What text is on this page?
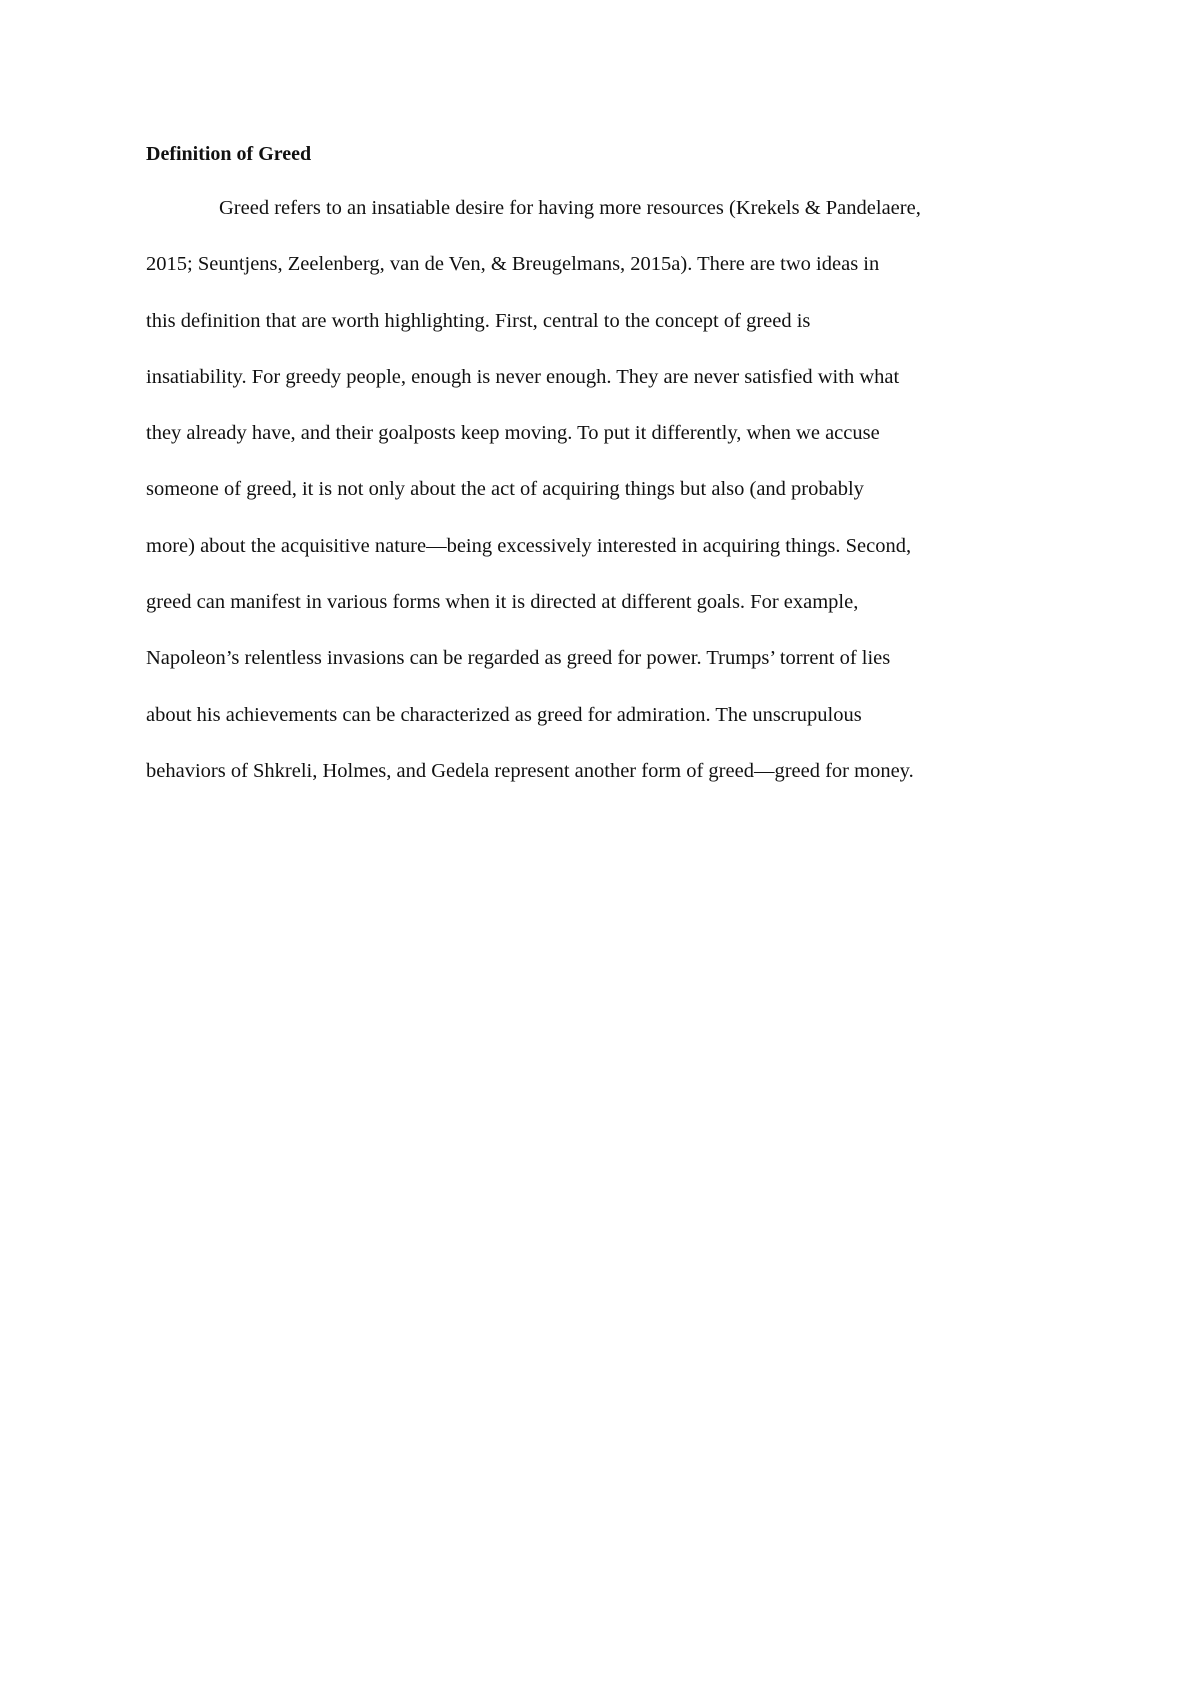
Definition of Greed
Greed refers to an insatiable desire for having more resources (Krekels & Pandelaere,
2015; Seuntjens, Zeelenberg, van de Ven, & Breugelmans, 2015a). There are two ideas in
this definition that are worth highlighting. First, central to the concept of greed is
insatiability. For greedy people, enough is never enough. They are never satisfied with what
they already have, and their goalposts keep moving. To put it differently, when we accuse
someone of greed, it is not only about the act of acquiring things but also (and probably
more) about the acquisitive nature—being excessively interested in acquiring things. Second,
greed can manifest in various forms when it is directed at different goals. For example,
Napoleon’s relentless invasions can be regarded as greed for power. Trumps’ torrent of lies
about his achievements can be characterized as greed for admiration. The unscrupulous
behaviors of Shkreli, Holmes, and Gedela represent another form of greed—greed for money.
